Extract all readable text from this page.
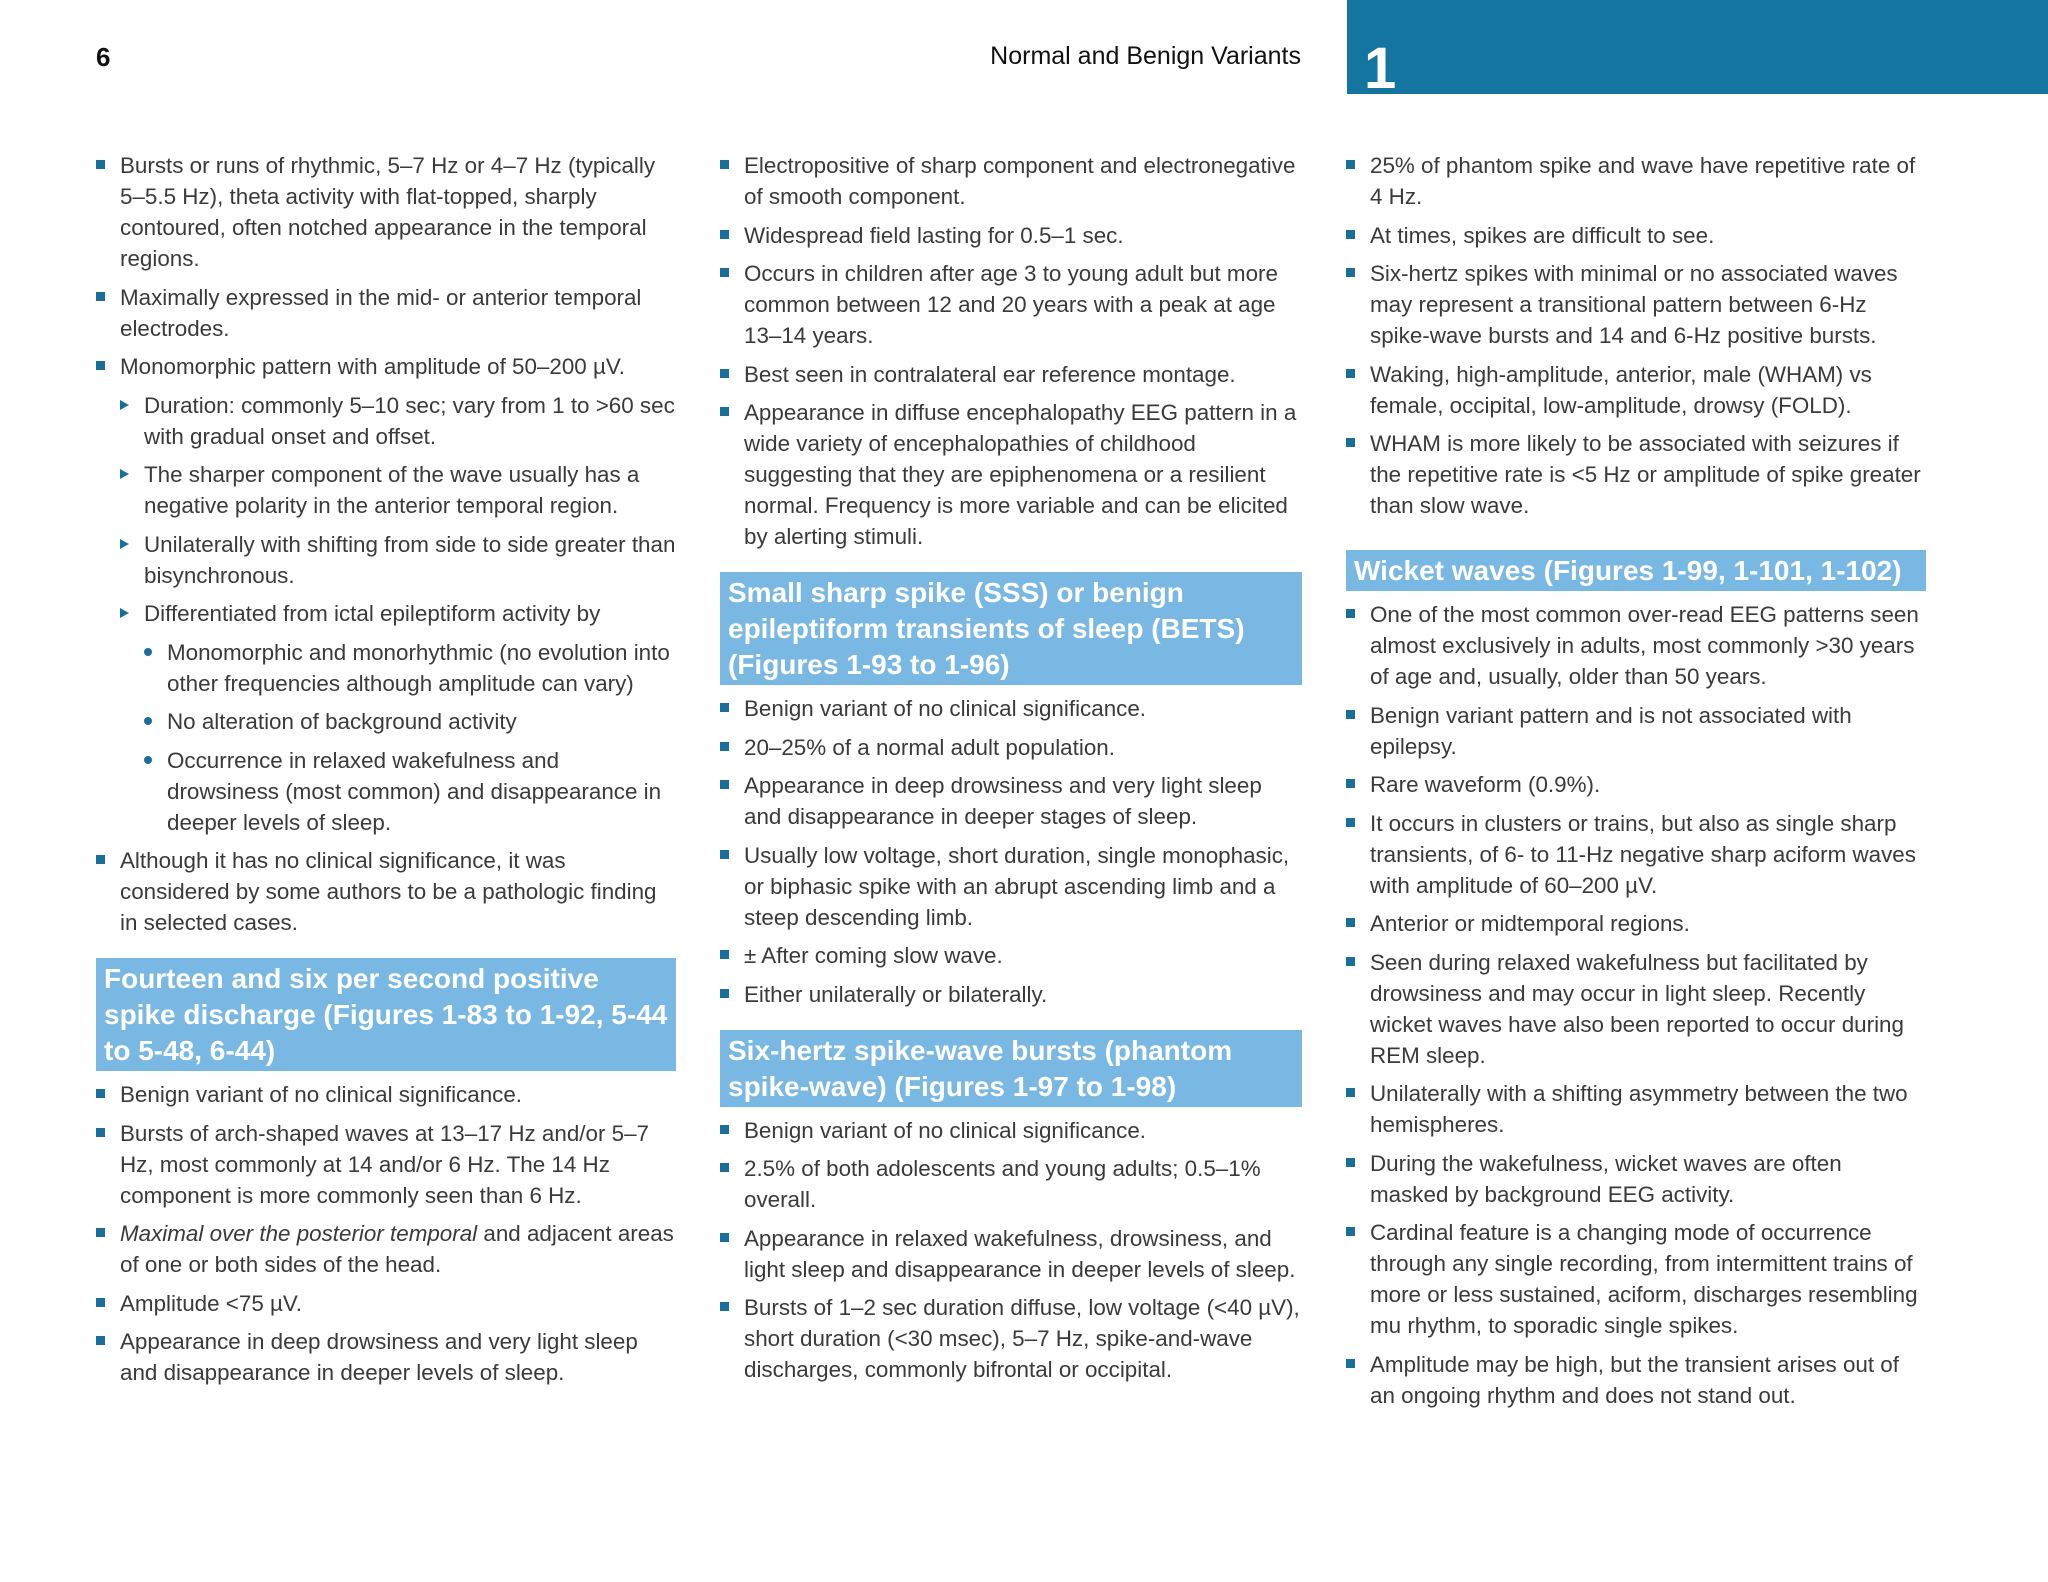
6	Normal and Benign Variants 1
Bursts or runs of rhythmic, 5–7 Hz or 4–7 Hz (typically 5–5.5 Hz), theta activity with flat-topped, sharply contoured, often notched appearance in the temporal regions.
Maximally expressed in the mid- or anterior temporal electrodes.
Monomorphic pattern with amplitude of 50–200 µV.
Duration: commonly 5–10 sec; vary from 1 to >60 sec with gradual onset and offset.
The sharper component of the wave usually has a negative polarity in the anterior temporal region.
Unilaterally with shifting from side to side greater than bisynchronous.
Differentiated from ictal epileptiform activity by
Monomorphic and monorhythmic (no evolution into other frequencies although amplitude can vary)
No alteration of background activity
Occurrence in relaxed wakefulness and drowsiness (most common) and disappearance in deeper levels of sleep.
Although it has no clinical significance, it was considered by some authors to be a pathologic finding in selected cases.
Fourteen and six per second positive spike discharge (Figures 1-83 to 1-92, 5-44 to 5-48, 6-44)
Benign variant of no clinical significance.
Bursts of arch-shaped waves at 13–17 Hz and/or 5–7 Hz, most commonly at 14 and/or 6 Hz. The 14 Hz component is more commonly seen than 6 Hz.
Maximal over the posterior temporal and adjacent areas of one or both sides of the head.
Amplitude <75 µV.
Appearance in deep drowsiness and very light sleep and disappearance in deeper levels of sleep.
Electropositive of sharp component and electronegative of smooth component.
Widespread field lasting for 0.5–1 sec.
Occurs in children after age 3 to young adult but more common between 12 and 20 years with a peak at age 13–14 years.
Best seen in contralateral ear reference montage.
Appearance in diffuse encephalopathy EEG pattern in a wide variety of encephalopathies of childhood suggesting that they are epiphenomena or a resilient normal. Frequency is more variable and can be elicited by alerting stimuli.
Small sharp spike (SSS) or benign epileptiform transients of sleep (BETS) (Figures 1-93 to 1-96)
Benign variant of no clinical significance.
20–25% of a normal adult population.
Appearance in deep drowsiness and very light sleep and disappearance in deeper stages of sleep.
Usually low voltage, short duration, single monophasic, or biphasic spike with an abrupt ascending limb and a steep descending limb.
± After coming slow wave.
Either unilaterally or bilaterally.
Six-hertz spike-wave bursts (phantom spike-wave) (Figures 1-97 to 1-98)
Benign variant of no clinical significance.
2.5% of both adolescents and young adults; 0.5–1% overall.
Appearance in relaxed wakefulness, drowsiness, and light sleep and disappearance in deeper levels of sleep.
Bursts of 1–2 sec duration diffuse, low voltage (<40 µV), short duration (<30 msec), 5–7 Hz, spike-and-wave discharges, commonly bifrontal or occipital.
25% of phantom spike and wave have repetitive rate of 4 Hz.
At times, spikes are difficult to see.
Six-hertz spikes with minimal or no associated waves may represent a transitional pattern between 6-Hz spike-wave bursts and 14 and 6-Hz positive bursts.
Waking, high-amplitude, anterior, male (WHAM) vs female, occipital, low-amplitude, drowsy (FOLD).
WHAM is more likely to be associated with seizures if the repetitive rate is <5 Hz or amplitude of spike greater than slow wave.
Wicket waves (Figures 1-99, 1-101, 1-102)
One of the most common over-read EEG patterns seen almost exclusively in adults, most commonly >30 years of age and, usually, older than 50 years.
Benign variant pattern and is not associated with epilepsy.
Rare waveform (0.9%).
It occurs in clusters or trains, but also as single sharp transients, of 6- to 11-Hz negative sharp aciform waves with amplitude of 60–200 µV.
Anterior or midtemporal regions.
Seen during relaxed wakefulness but facilitated by drowsiness and may occur in light sleep. Recently wicket waves have also been reported to occur during REM sleep.
Unilaterally with a shifting asymmetry between the two hemispheres.
During the wakefulness, wicket waves are often masked by background EEG activity.
Cardinal feature is a changing mode of occurrence through any single recording, from intermittent trains of more or less sustained, aciform, discharges resembling mu rhythm, to sporadic single spikes.
Amplitude may be high, but the transient arises out of an ongoing rhythm and does not stand out.
